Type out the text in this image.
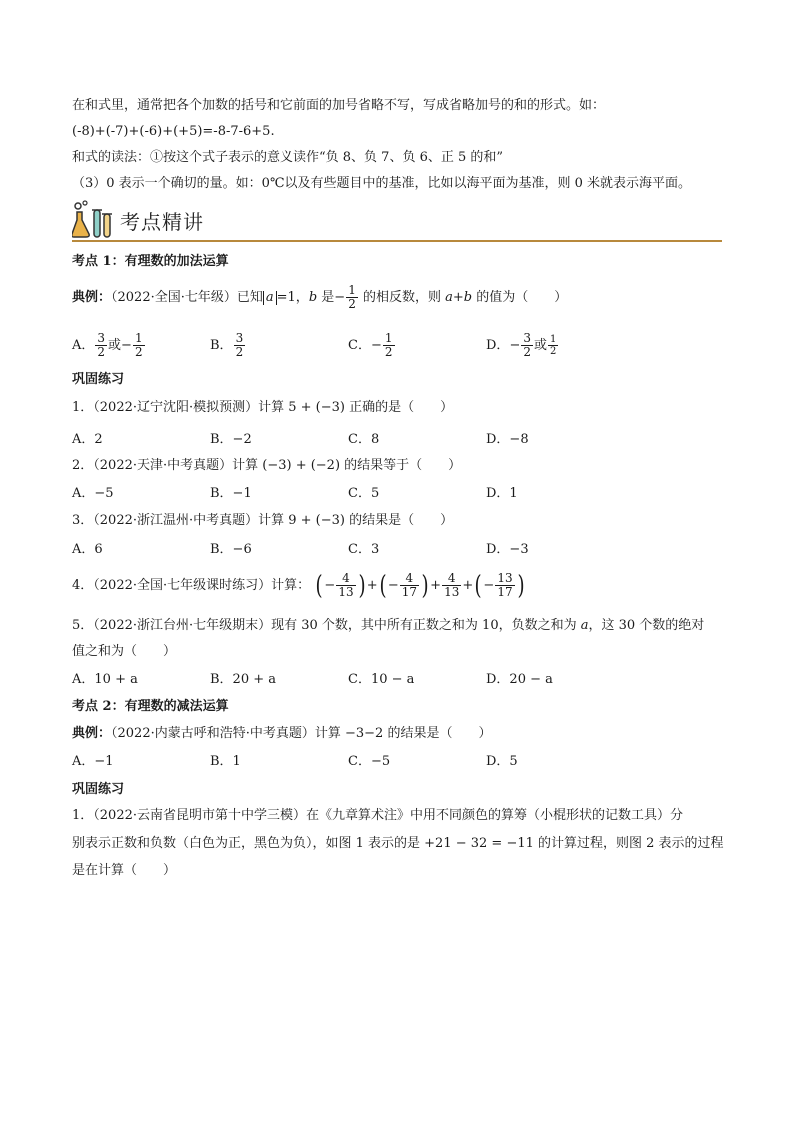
在和式里，通常把各个加数的括号和它前面的加号省略不写，写成省略加号的和的形式。如：
(-8)+(-7)+(-6)+(+5)=-8-7-6+5.
和式的读法：①按这个式子表示的意义读作“负 8、负 7、负 6、正 5 的和”
（3）0 表示一个确切的量。如：0℃以及有些题目中的基准，比如以海平面为基准，则 0 米就表示海平面。
考点精讲
考点 1：有理数的加法运算
典例：（2022·全国·七年级）已知 a =1，b 是− $\frac{1}{2}$ 的相反数，则 a+b 的值为（　　）
A． $\frac{3}{2}$ 或− $\frac{1}{2}$	B． $\frac{3}{2}$	C．− $\frac{1}{2}$	D．− $\frac{3}{2}$ 或 $\frac{1}{2}$
巩固练习
1．（2022·辽宁沈阳·模拟预测）计算 5 + (−3) 正确的是（　　）
A．2	B．−2	C．8	D．−8
2．（2022·天津·中考真题）计算 (−3) + (−2) 的结果等于（　　）
A．−5	B．−1	C．5	D．1
3．（2022·浙江温州·中考真题）计算 9 + (−3) 的结果是（　　）
A．6	B．−6	C．3	D．−3
4．（2022·全国·七年级课时练习）计算： ( − $\frac{4}{13}$ ) +( − $\frac{4}{17}$ ) + $\frac{4}{13}$ +( − $\frac{13}{17}$ )
5．（2022·浙江台州·七年级期末）现有 30 个数，其中所有正数之和为 10，负数之和为 a，这 30 个数的绝对
值之和为（　　）
A．10 + a	B．20 + a	C．10 − a	D．20 − a
考点 2：有理数的减法运算
典例：（2022·内蒙古呼和浩特·中考真题）计算 −3−2 的结果是（　　）
A．−1	B．1	C．−5	D．5
巩固练习
1．（2022·云南省昆明市第十中学三模）在《九章算术注》中用不同颜色的算筹（小棍形状的记数工具）分
别表示正数和负数（白色为正，黑色为负），如图 1 表示的是 +21 − 32 = −11 的计算过程，则图 2 表示的过程
是在计算（　　）
